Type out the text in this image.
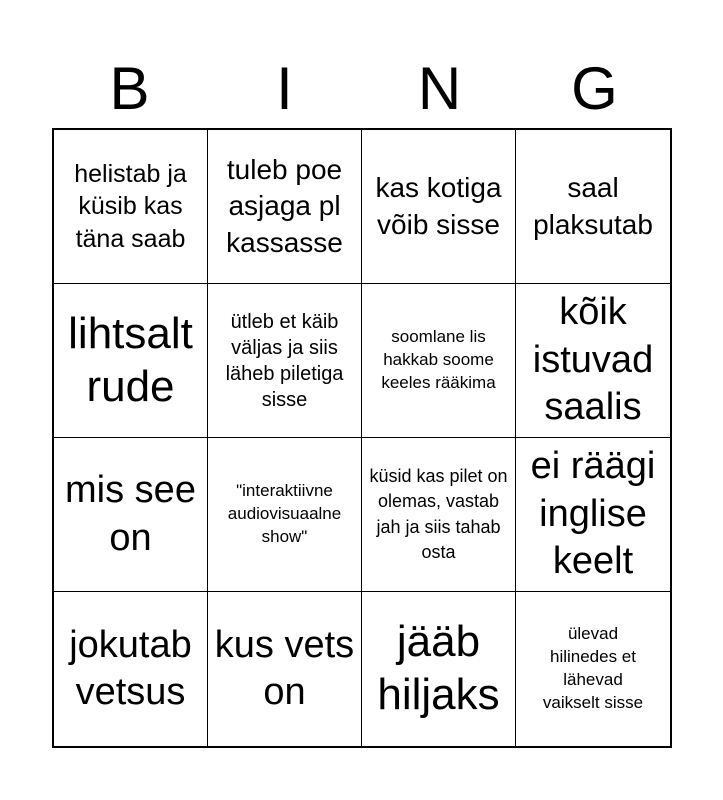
B	I	N	G
helistab ja küsib kas täna saab
tuleb poe asjaga pl kassasse
kas kotiga võib sisse
saal plaksutab
lihtsalt rude
ütleb et käib väljas ja siis läheb piletiga sisse
soomlane lis hakkab soome keeles rääkima
kõik istuvad saalis
mis see on
"interaktiivne audiovisuaalne show"
küsid kas pilet on olemas, vastab jah ja siis tahab osta
ei räägi inglise keelt
jokutab vetsus
kus vets on
jääb hiljaks
ülevad hilinedes et lähevad vaikselt sisse
